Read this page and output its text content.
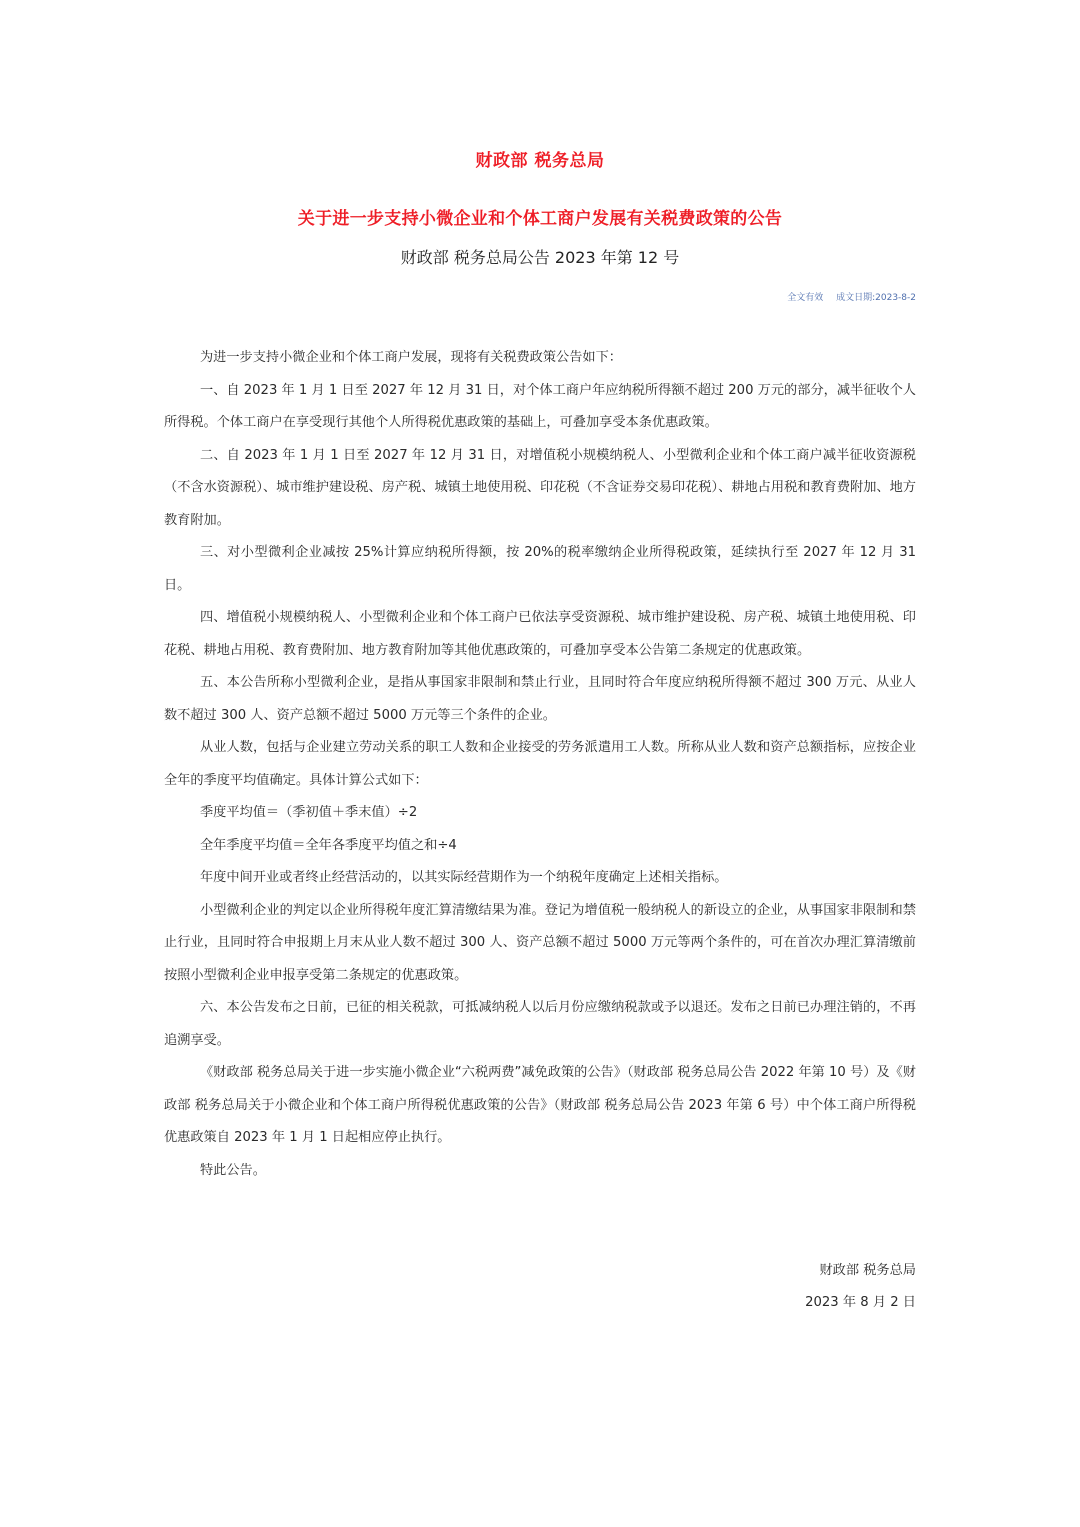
财政部 税务总局
关于进一步支持小微企业和个体工商户发展有关税费政策的公告
财政部 税务总局公告 2023 年第 12 号
全文有效 成文日期:2023-8-2

为进一步支持小微企业和个体工商户发展，现将有关税费政策公告如下：

一、自 2023 年 1 月 1 日至 2027 年 12 月 31 日，对个体工商户年应纳税所得额不超过 200 万元的部分，减半征收个人所得税。个体工商户在享受现行其他个人所得税优惠政策的基础上，可叠加享受本条优惠政策。

二、自 2023 年 1 月 1 日至 2027 年 12 月 31 日，对增值税小规模纳税人、小型微利企业和个体工商户减半征收资源税（不含水资源税）、城市维护建设税、房产税、城镇土地使用税、印花税（不含证券交易印花税）、耕地占用税和教育费附加、地方教育附加。

三、对小型微利企业减按 25%计算应纳税所得额，按 20%的税率缴纳企业所得税政策，延续执行至 2027 年 12 月 31 日。

四、增值税小规模纳税人、小型微利企业和个体工商户已依法享受资源税、城市维护建设税、房产税、城镇土地使用税、印花税、耕地占用税、教育费附加、地方教育附加等其他优惠政策的，可叠加享受本公告第二条规定的优惠政策。

五、本公告所称小型微利企业，是指从事国家非限制和禁止行业，且同时符合年度应纳税所得额不超过 300 万元、从业人数不超过 300 人、资产总额不超过 5000 万元等三个条件的企业。

从业人数，包括与企业建立劳动关系的职工人数和企业接受的劳务派遣用工人数。所称从业人数和资产总额指标，应按企业全年的季度平均值确定。具体计算公式如下：

季度平均值＝（季初值＋季末值）÷2

全年季度平均值＝全年各季度平均值之和÷4

年度中间开业或者终止经营活动的，以其实际经营期作为一个纳税年度确定上述相关指标。

小型微利企业的判定以企业所得税年度汇算清缴结果为准。登记为增值税一般纳税人的新设立的企业，从事国家非限制和禁止行业，且同时符合申报期上月末从业人数不超过 300 人、资产总额不超过 5000 万元等两个条件的，可在首次办理汇算清缴前按照小型微利企业申报享受第二条规定的优惠政策。

六、本公告发布之日前，已征的相关税款，可抵减纳税人以后月份应缴纳税款或予以退还。发布之日前已办理注销的，不再追溯享受。

《财政部 税务总局关于进一步实施小微企业“六税两费”减免政策的公告》（财政部 税务总局公告 2022 年第 10 号）及《财政部 税务总局关于小微企业和个体工商户所得税优惠政策的公告》（财政部 税务总局公告 2023 年第 6 号）中个体工商户所得税优惠政策自 2023 年 1 月 1 日起相应停止执行。

特此公告。

财政部 税务总局
2023 年 8 月 2 日
